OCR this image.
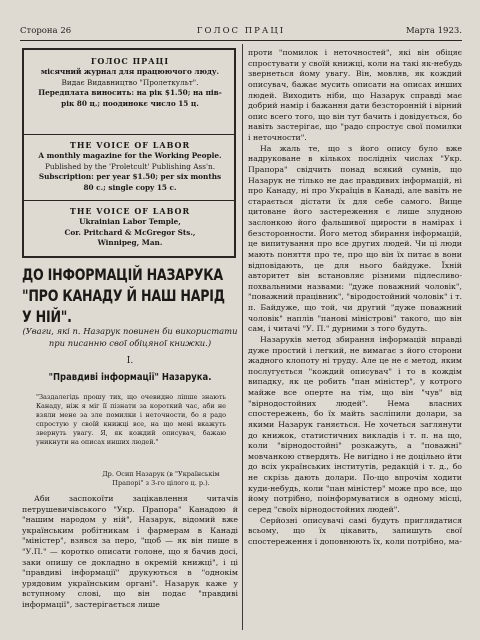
Сторона 26	ГОЛОС ПРАЦІ	Марта 1923.
ГОЛОС ПРАЦІ
місячний журнал для працюючого люду.
Видає Видавництво "Пролеткульт".
Передплата виносить: на рік $1.50; на пів-
рік 80 ц.; поодинокє число 15 ц.
THE VOICE OF LABOR
A monthly magazine for the Working People.
Published by the 'Proletcult' Publishing Ass'n.
Subscription: per year $1.50; per six months
80 c.; single copy 15 c.
THE VOICE OF LABOR
Ukrainian Labor Temple,
Cor. Pritchard & McGregor Sts.,
Winnipeg, Man.
ДО ІНФОРМАЦІЙ НАЗАРУКА "ПРО КАНАДУ Й НАШ НАРІД У НІЙ".
(Уваги, які п. Назарук повинен би використати при писанню свої обіцяної книжки.)
I.
"Правдиві інформації" Назарука.
"Заздалегідь прошу тих, що очевидно ліпше знають Канаду, ніж я міг її пізнати за короткий час, аби не взяли мене за зле помилки і неточности, бо я радо спростую у своїй книжці все, на що мені вкажуть звернуть увагу. Я, як кождий описувач, бажаю уникнути на описах инших людей."
Др. Осип Назарук (в "Українськім
Прапорі" з 3-го цілого ц. р.).

Аби заспокоїти зацікавлення читачів петрушевичівського "Укр. Прапора" Канадою й "нашим народом у ній", Назарук, відомий вже українським робітникам і фармерам в Канаді "міністер", взявся за перо, "щоб — як він пише в "У.П." — коротко описати голоне, що я бачив досі, заки опишу се докладно в окремій книжці", і ці "правдиві інформації" друкуються в "однокім урядовим українським органі". Назарук каже у вступному слові, що він подає "правдиві інформації", застерігається лише

проти "помилок і неточностей", які він обіцяє спростувати у своїй книжці, коли на такі як-небудь звернеться йому увагу. Він, мовляв, як кождий описувач, бажає мусить описати на описах инших людей. Виходить ніби, що Назарук справді має добрий намір і бажання дати безсторонній і вірний опис всего того, що він тут бачить і довідується, бо навіть застерігає, що "радо спростує свої помилки і неточности".

На жаль те, що з його опису було вже надруковане в кількох послідніх числах "Укр. Прапора" свідчить понад всякий сумнів, що Назарук не тілько не дає правдивих інформацій, ні про Канаду, ні про Україців в Канаді, але вавіть не старається дістати їх для себе самого. Вище цитоване його застереження є лише злудною заслонкою його фальшивої щирости в намірах і безсторонности. Його метод збирання інформацій, це випитування про все других людей. Чи ці люди мають поняття про те, про що він їх питає в вони відповідають, це для нього байдуже. Їхній авторитет він встановляє різними підлесливо-похвальними назвами: "дуже поважний чоловік", "поважний працівник", "віродостойний чоловік" і т. п. Байдуже, що той, чи другий "дуже поважний чоловік" наплів "панові міністрові" такого, що він сам, і читачі "У. П." дурними з того будуть.

Назаруків метод збирання інформацій вправді дуже простий і легкий, не вимагає з його сторони жадного клопоту ні труду. Але це не є метод, яким послугується "кождий описувач" і то в кождім випадку, як це робить "пан міністер", у котрого майже все оперте на тім, що він "чув" від "вірнодостойних людей". Нема власних спостережень, бо їх майть засліпили долари, за якими Назарук ганяється. Не хочеться заглянути до книжок, статистичних викладів і т. п. на що, коли "вірнодостойні" розкажуть, а "поважні" мовчанкою ствердять. Не вигідно і не доцільно йти до всіх українських інститутів, редакцій і т. д., бо не скрізь дають долари. По-що впрочім ходити куди-небудь, коли "пан міністер" може про все, що йому потрібно, поінформуватися в одному місці, серед "своїх вірнодостойних людей".

Серйозні описувачі самі будуть приглядатися всьому, що їх цікавить, запишуть свої спостереження і доповнюють їх, коли потрібно, ма-
